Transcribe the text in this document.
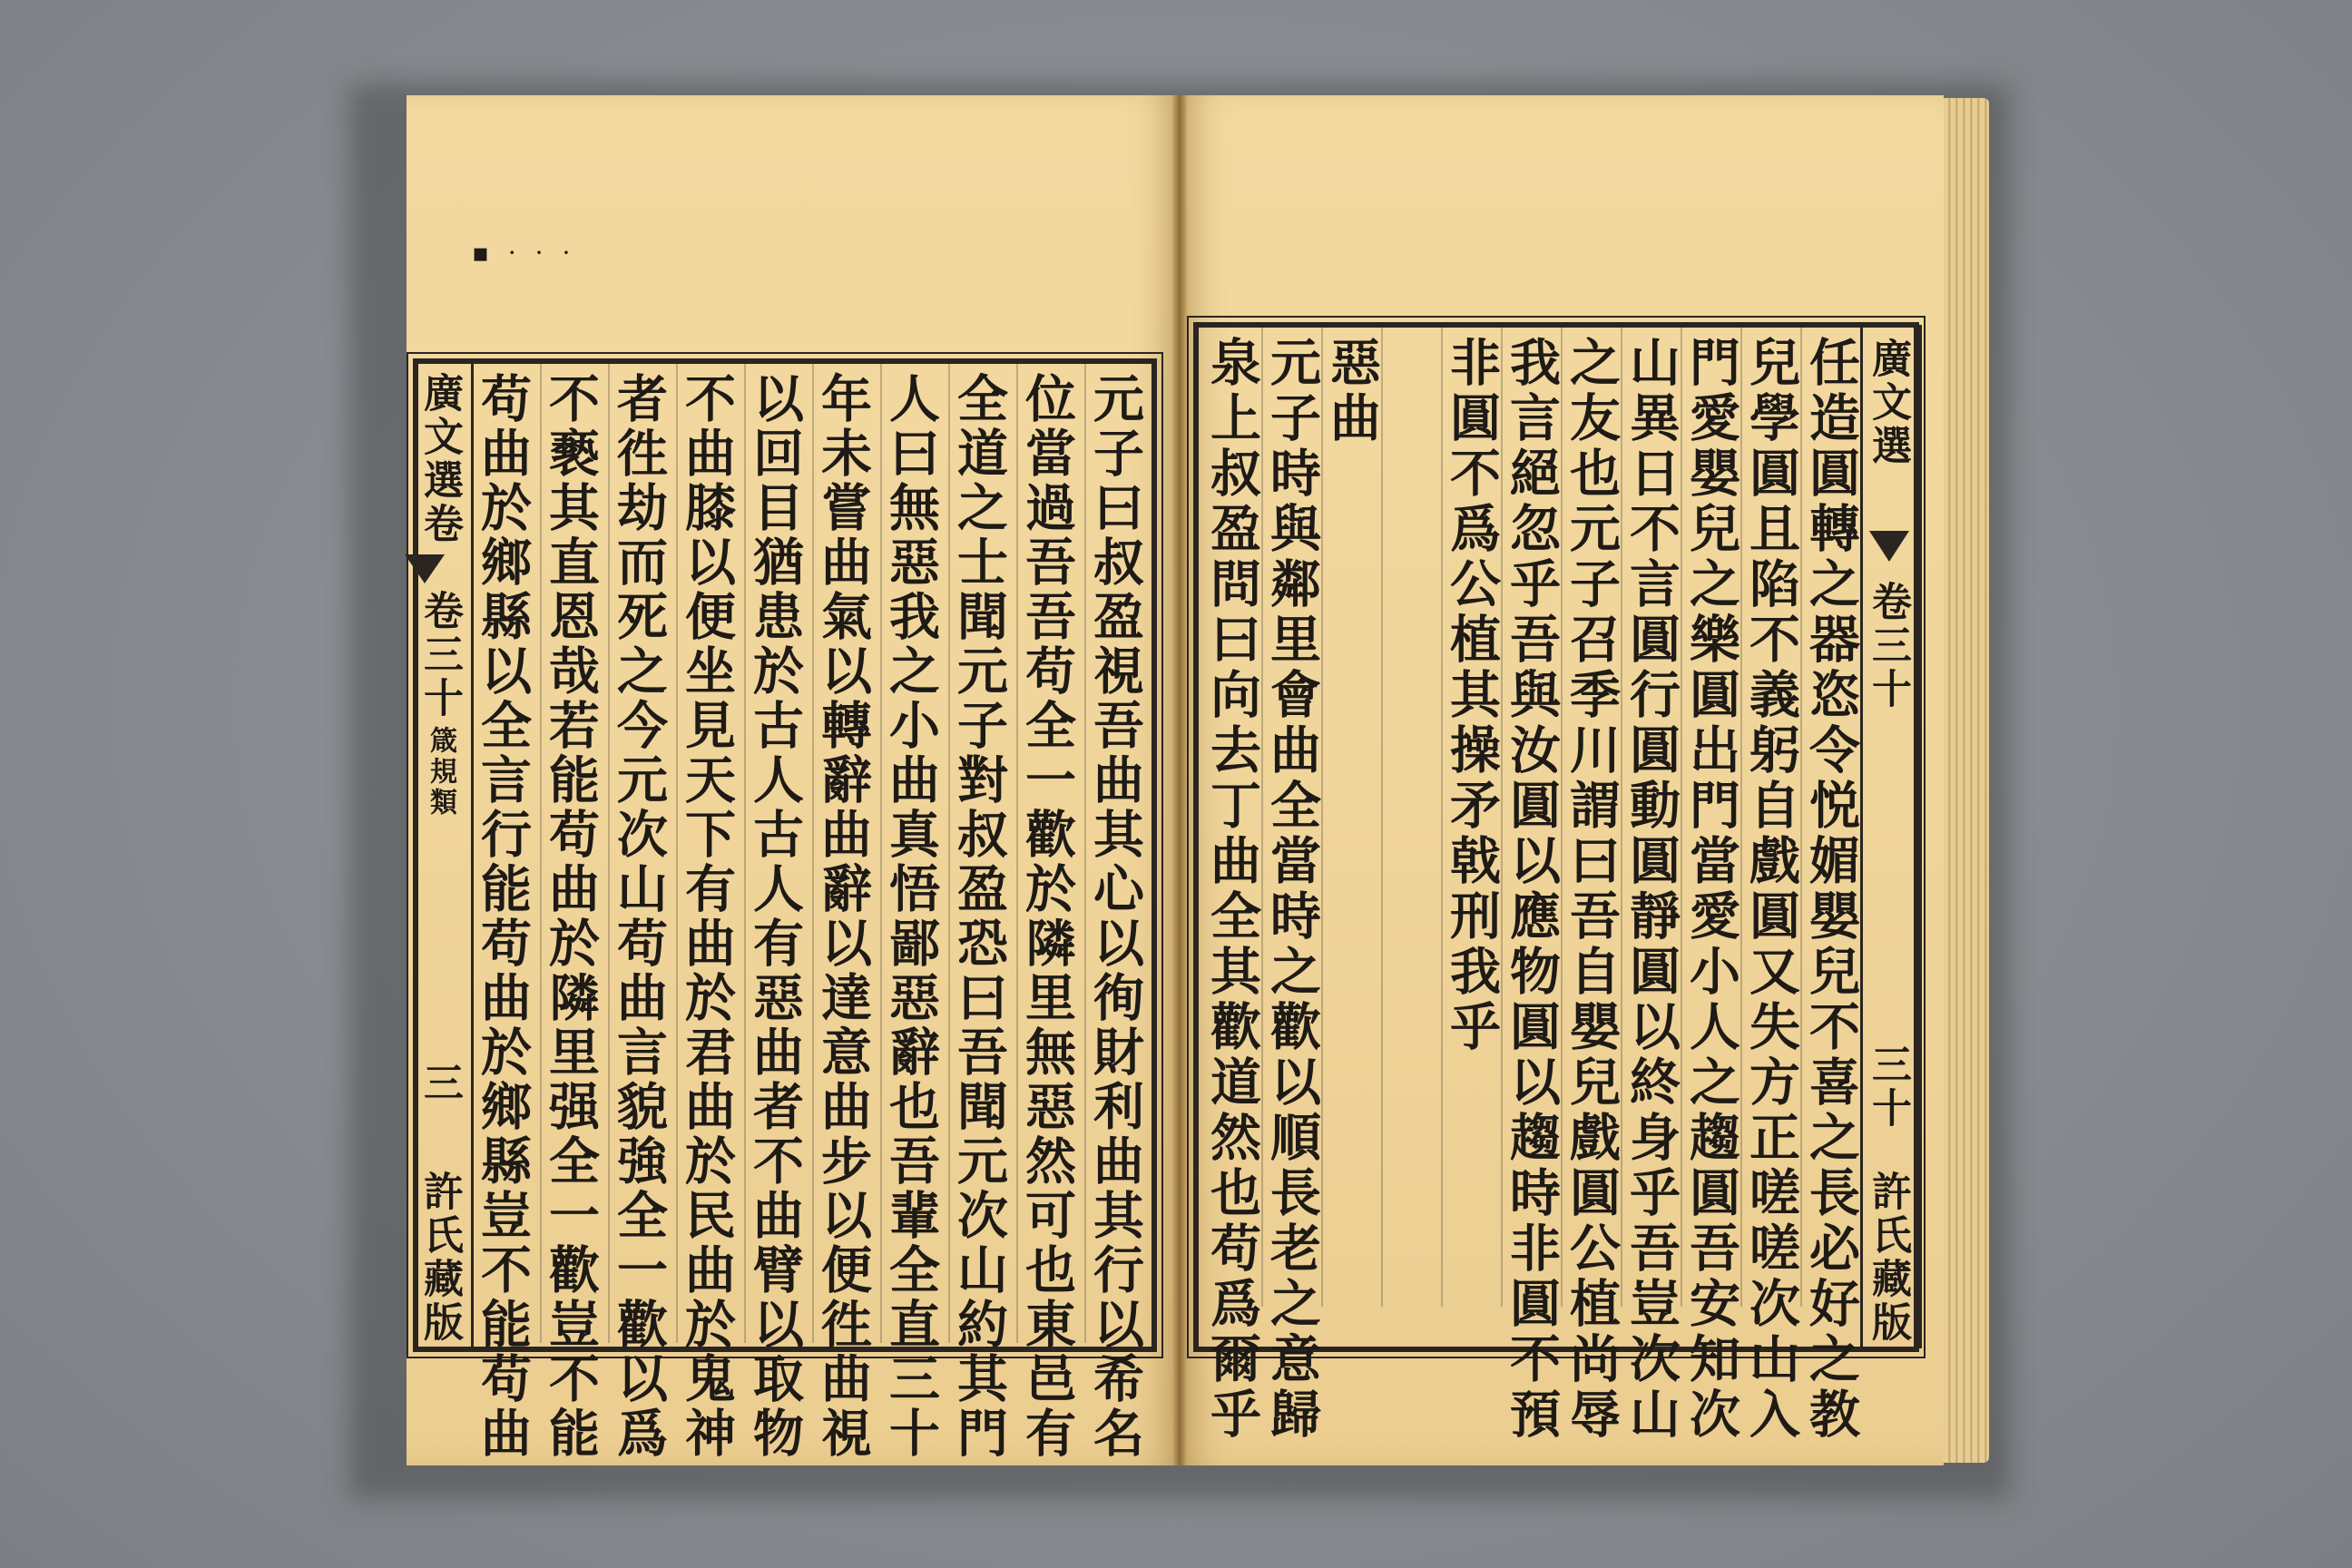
▪ · · ·
廣文選卷
卷三十
箴規類
三
許氏藏版	元子曰叔盈視吾曲其心以徇財利曲其行以希名
位當過吾吾苟全一歡於隣里無惡然可也東邑有
全道之士聞元子對叔盈恐曰吾聞元次山約其門
人曰無惡我之小曲真悟鄙惡辭也吾輩全直三十
年未嘗曲氣以轉辭曲辭以達意曲步以便徃曲視
以回目猶患於古人古人有惡曲者不曲臂以取物
不曲膝以便坐見天下有曲於君曲於民曲於鬼神
者徃劫而死之今元次山苟曲言貌強全一歡以爲
不褻其直恩哉若能苟曲於隣里强全一歡豈不能
苟曲於鄉縣以全言行能苟曲於鄉縣豈不能苟曲	廣文選
卷三十
三十
許氏藏版
任造圓轉之器恣令悦媚嬰兒不喜之長必好之教
兒學圓且陷不義躬自戲圓又失方正嗟嗟次山入
門愛嬰兒之樂圓出門當愛小人之趨圓吾安知次
山異日不言圓行圓動圓靜圓以終身乎吾豈次山
之友也元子召季川謂曰吾自嬰兒戲圓公植尚辱
我言絕忽乎吾與汝圓以應物圓以趨時非圓不預
非圓不爲公植其操矛戟刑我乎
惡曲
元子時與鄰里會曲全當時之歡以順長老之意歸
泉上叔盈問曰向去丁曲全其歡道然也苟爲爾乎
